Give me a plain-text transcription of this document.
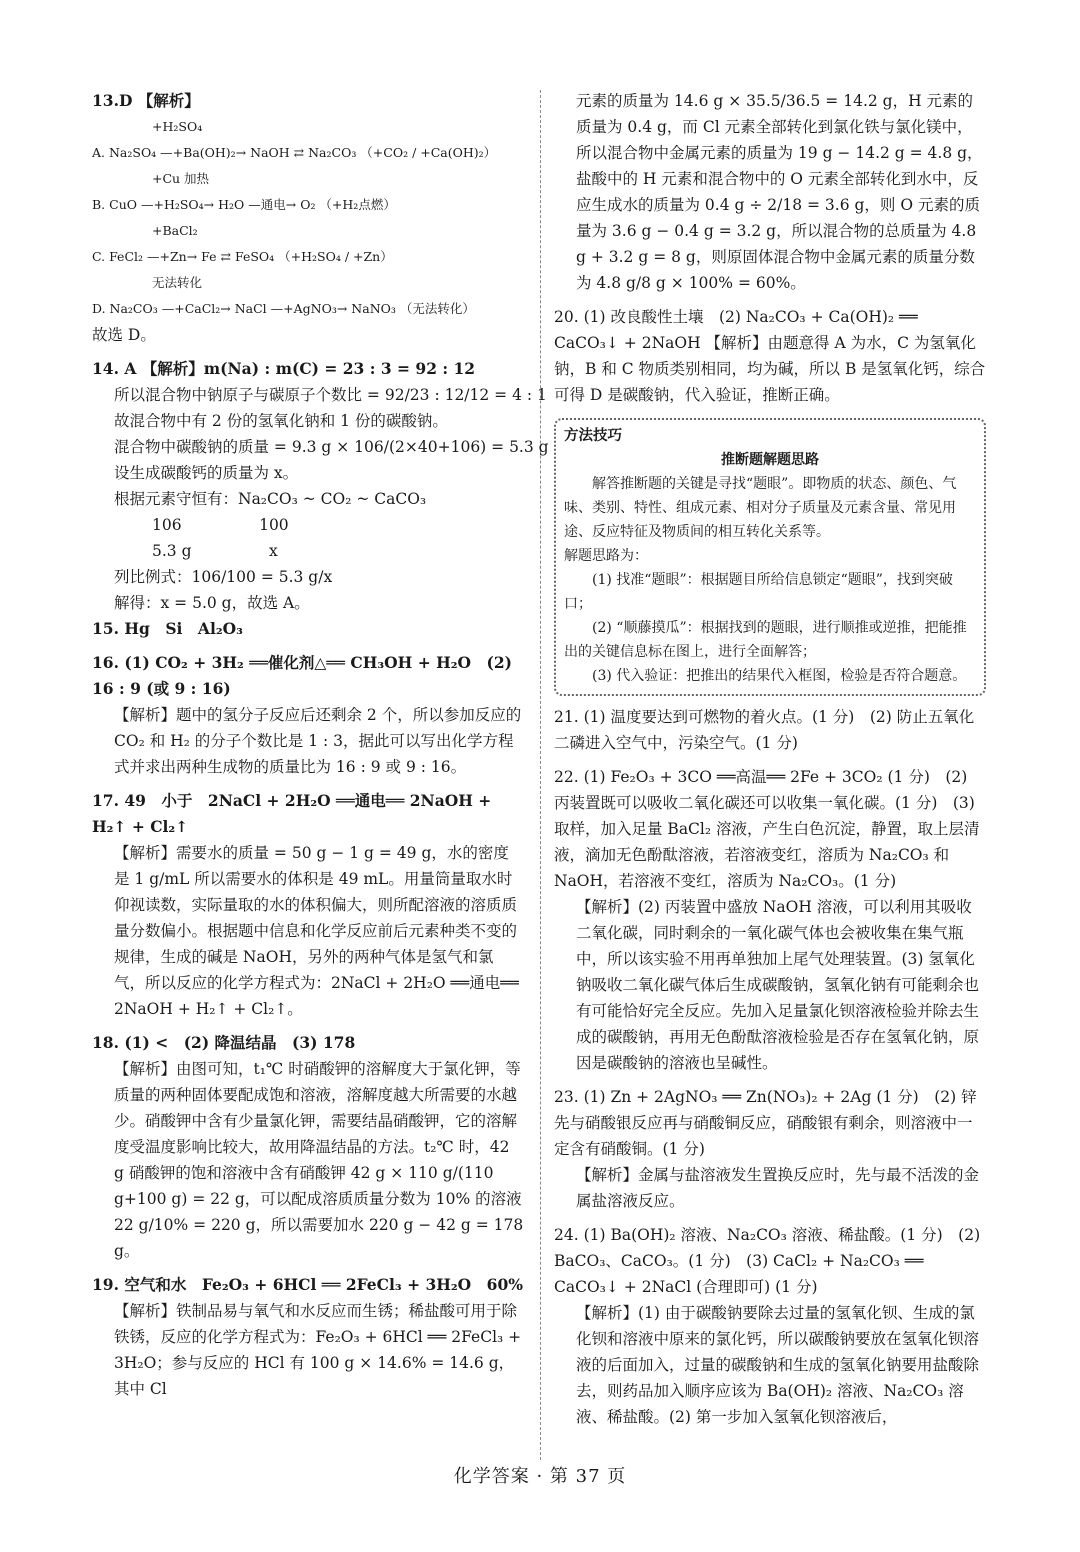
13.D 【解析】
+H₂SO₄
A. Na₂SO₄ —+Ba(OH)₂→ NaOH ⇄ Na₂CO₃ （+CO₂ / +Ca(OH)₂）
+Cu 加热
B. CuO —+H₂SO₄→ H₂O —通电→ O₂ （+H₂点燃）
+BaCl₂
C. FeCl₂ —+Zn→ Fe ⇄ FeSO₄ （+H₂SO₄ / +Zn）
无法转化
D. Na₂CO₃ —+CaCl₂→ NaCl —+AgNO₃→ NaNO₃ （无法转化）
故选 D。
14. A 【解析】m(Na) : m(C) = 23 : 3 = 92 : 12
所以混合物中钠原子与碳原子个数比 = 92/23 : 12/12 = 4 : 1
故混合物中有 2 份的氢氧化钠和 1 份的碳酸钠。
混合物中碳酸钠的质量 = 9.3 g × 106/(2×40+106) = 5.3 g
设生成碳酸钙的质量为 x。
根据元素守恒有：Na₂CO₃ ~ CO₂ ~ CaCO₃
106　　　　　100
5.3 g　　　　　x
列比例式：106/100 = 5.3 g/x
解得：x = 5.0 g，故选 A。
15. Hg　Si　Al₂O₃
16. (1) CO₂ + 3H₂ ══催化剂△══ CH₃OH + H₂O　(2) 16 : 9 (或 9 : 16)
【解析】题中的氢分子反应后还剩余 2 个，所以参加反应的 CO₂ 和 H₂ 的分子个数比是 1 : 3，据此可以写出化学方程式并求出两种生成物的质量比为 16 : 9 或 9 : 16。
17. 49　小于　2NaCl + 2H₂O ══通电══ 2NaOH + H₂↑ + Cl₂↑
【解析】需要水的质量 = 50 g − 1 g = 49 g，水的密度是 1 g/mL 所以需要水的体积是 49 mL。用量筒量取水时仰视读数，实际量取的水的体积偏大，则所配溶液的溶质质量分数偏小。根据题中信息和化学反应前后元素种类不变的规律，生成的碱是 NaOH，另外的两种气体是氢气和氯气，所以反应的化学方程式为：2NaCl + 2H₂O ══通电══ 2NaOH + H₂↑ + Cl₂↑。
18. (1) <　(2) 降温结晶　(3) 178
【解析】由图可知，t₁℃ 时硝酸钾的溶解度大于氯化钾，等质量的两种固体要配成饱和溶液，溶解度越大所需要的水越少。硝酸钾中含有少量氯化钾，需要结晶硝酸钾，它的溶解度受温度影响比较大，故用降温结晶的方法。t₂℃ 时，42 g 硝酸钾的饱和溶液中含有硝酸钾 42 g × 110 g/(110 g+100 g) = 22 g，可以配成溶质质量分数为 10% 的溶液 22 g/10% = 220 g，所以需要加水 220 g − 42 g = 178 g。
19. 空气和水　Fe₂O₃ + 6HCl ══ 2FeCl₃ + 3H₂O　60%
【解析】铁制品易与氧气和水反应而生锈；稀盐酸可用于除铁锈，反应的化学方程式为：Fe₂O₃ + 6HCl ══ 2FeCl₃ + 3H₂O；参与反应的 HCl 有 100 g × 14.6% = 14.6 g，其中 Cl
元素的质量为 14.6 g × 35.5/36.5 = 14.2 g，H 元素的质量为 0.4 g，而 Cl 元素全部转化到氯化铁与氯化镁中，所以混合物中金属元素的质量为 19 g − 14.2 g = 4.8 g，盐酸中的 H 元素和混合物中的 O 元素全部转化到水中，反应生成水的质量为 0.4 g ÷ 2/18 = 3.6 g，则 O 元素的质量为 3.6 g − 0.4 g = 3.2 g，所以混合物的总质量为 4.8 g + 3.2 g = 8 g，则原固体混合物中金属元素的质量分数为 4.8 g/8 g × 100% = 60%。
20. (1) 改良酸性土壤　(2) Na₂CO₃ + Ca(OH)₂ ══ CaCO₃↓ + 2NaOH 【解析】由题意得 A 为水，C 为氢氧化钠，B 和 C 物质类别相同，均为碱，所以 B 是氢氧化钙，综合可得 D 是碳酸钠，代入验证，推断正确。
方法技巧
推断题解题思路
解答推断题的关键是寻找“题眼”。即物质的状态、颜色、气味、类别、特性、组成元素、相对分子质量及元素含量、常见用途、反应特征及物质间的相互转化关系等。
解题思路为：
(1) 找准“题眼”：根据题目所给信息锁定“题眼”，找到突破口；
(2) “顺藤摸瓜”：根据找到的题眼，进行顺推或逆推，把能推出的关键信息标在图上，进行全面解答；
(3) 代入验证：把推出的结果代入框图，检验是否符合题意。
21. (1) 温度要达到可燃物的着火点。(1 分)　(2) 防止五氧化二磷进入空气中，污染空气。(1 分)
22. (1) Fe₂O₃ + 3CO ══高温══ 2Fe + 3CO₂ (1 分)　(2) 丙装置既可以吸收二氧化碳还可以收集一氧化碳。(1 分)　(3) 取样，加入足量 BaCl₂ 溶液，产生白色沉淀，静置，取上层清液，滴加无色酚酞溶液，若溶液变红，溶质为 Na₂CO₃ 和 NaOH，若溶液不变红，溶质为 Na₂CO₃。(1 分)
【解析】(2) 丙装置中盛放 NaOH 溶液，可以利用其吸收二氧化碳，同时剩余的一氧化碳气体也会被收集在集气瓶中，所以该实验不用再单独加上尾气处理装置。(3) 氢氧化钠吸收二氧化碳气体后生成碳酸钠，氢氧化钠有可能剩余也有可能恰好完全反应。先加入足量氯化钡溶液检验并除去生成的碳酸钠，再用无色酚酞溶液检验是否存在氢氧化钠，原因是碳酸钠的溶液也呈碱性。
23. (1) Zn + 2AgNO₃ ══ Zn(NO₃)₂ + 2Ag (1 分)　(2) 锌先与硝酸银反应再与硝酸铜反应，硝酸银有剩余，则溶液中一定含有硝酸铜。(1 分)
【解析】金属与盐溶液发生置换反应时，先与最不活泼的金属盐溶液反应。
24. (1) Ba(OH)₂ 溶液、Na₂CO₃ 溶液、稀盐酸。(1 分)　(2) BaCO₃、CaCO₃。(1 分)　(3) CaCl₂ + Na₂CO₃ ══ CaCO₃↓ + 2NaCl (合理即可) (1 分)
【解析】(1) 由于碳酸钠要除去过量的氢氧化钡、生成的氯化钡和溶液中原来的氯化钙，所以碳酸钠要放在氢氧化钡溶液的后面加入，过量的碳酸钠和生成的氢氧化钠要用盐酸除去，则药品加入顺序应该为 Ba(OH)₂ 溶液、Na₂CO₃ 溶液、稀盐酸。(2) 第一步加入氢氧化钡溶液后，
化学答案 · 第 37 页
